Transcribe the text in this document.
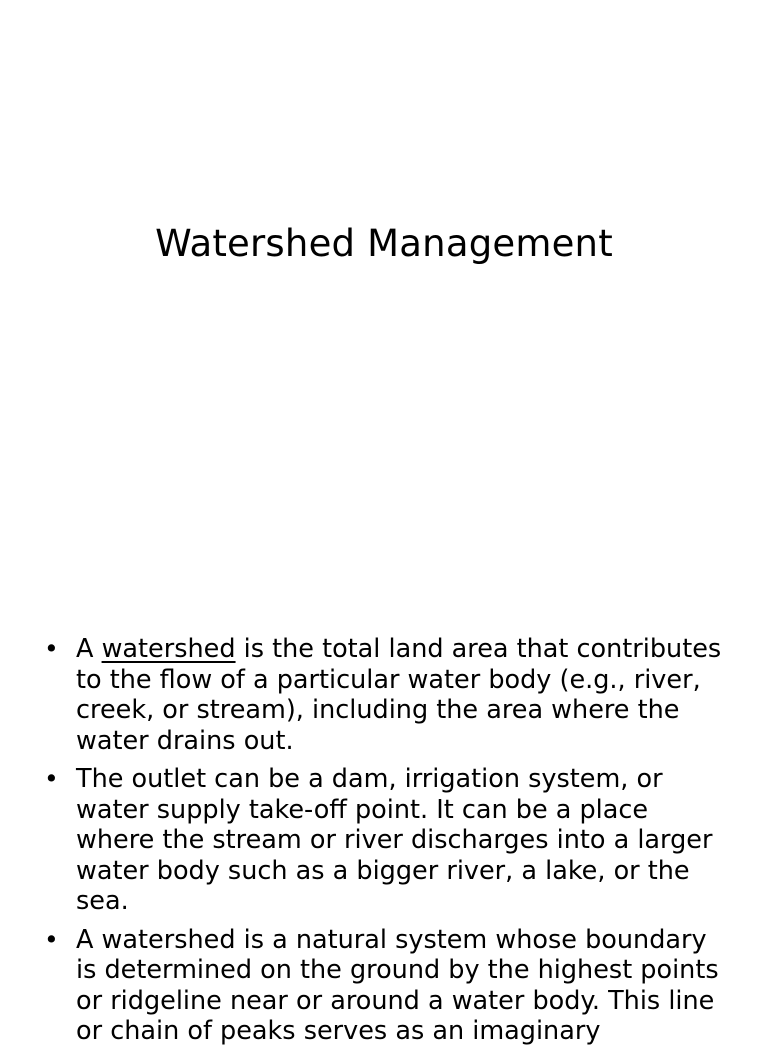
Watershed Management
• A watershed is the total land area that contributes to the flow of a particular water body (e.g., river, creek, or stream), including the area where the water drains out.
• The outlet can be a dam, irrigation system, or water supply take-off point. It can be a place where the stream or river discharges into a larger water body such as a bigger river, a lake, or the sea.
• A watershed is a natural system whose boundary is determined on the ground by the highest points or ridgeline near or around a water body. This line or chain of peaks serves as an imaginary
